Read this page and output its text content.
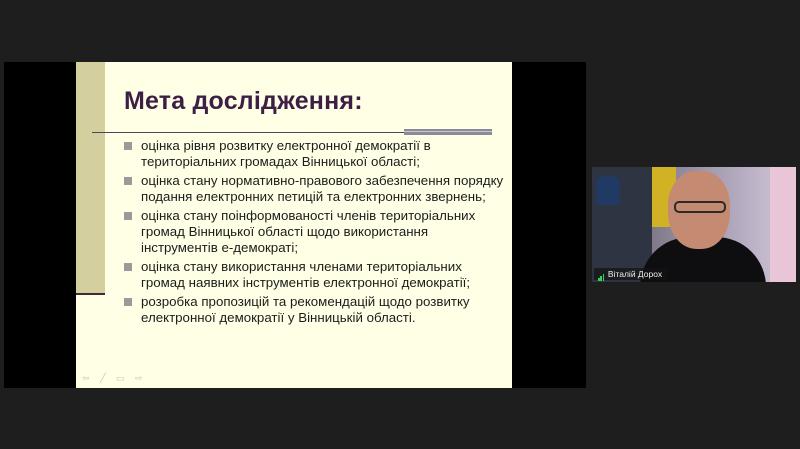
Мета дослідження:
оцінка рівня розвитку електронної демократії в територіальних громадах Вінницької області;
оцінка стану нормативно-правового забезпечення порядку подання електронних петицій та електронних звернень;
оцінка стану поінформованості членів територіальних громад Вінницької області щодо використання інструментів е-демократі;
оцінка стану використання членами територіальних громад наявних інструментів електронної демократії;
розробка пропозицій та рекомендацій щодо розвитку електронної демократії у Вінницькій області.
⇦ ╱ ▭ ⇨
Віталій Дорох
